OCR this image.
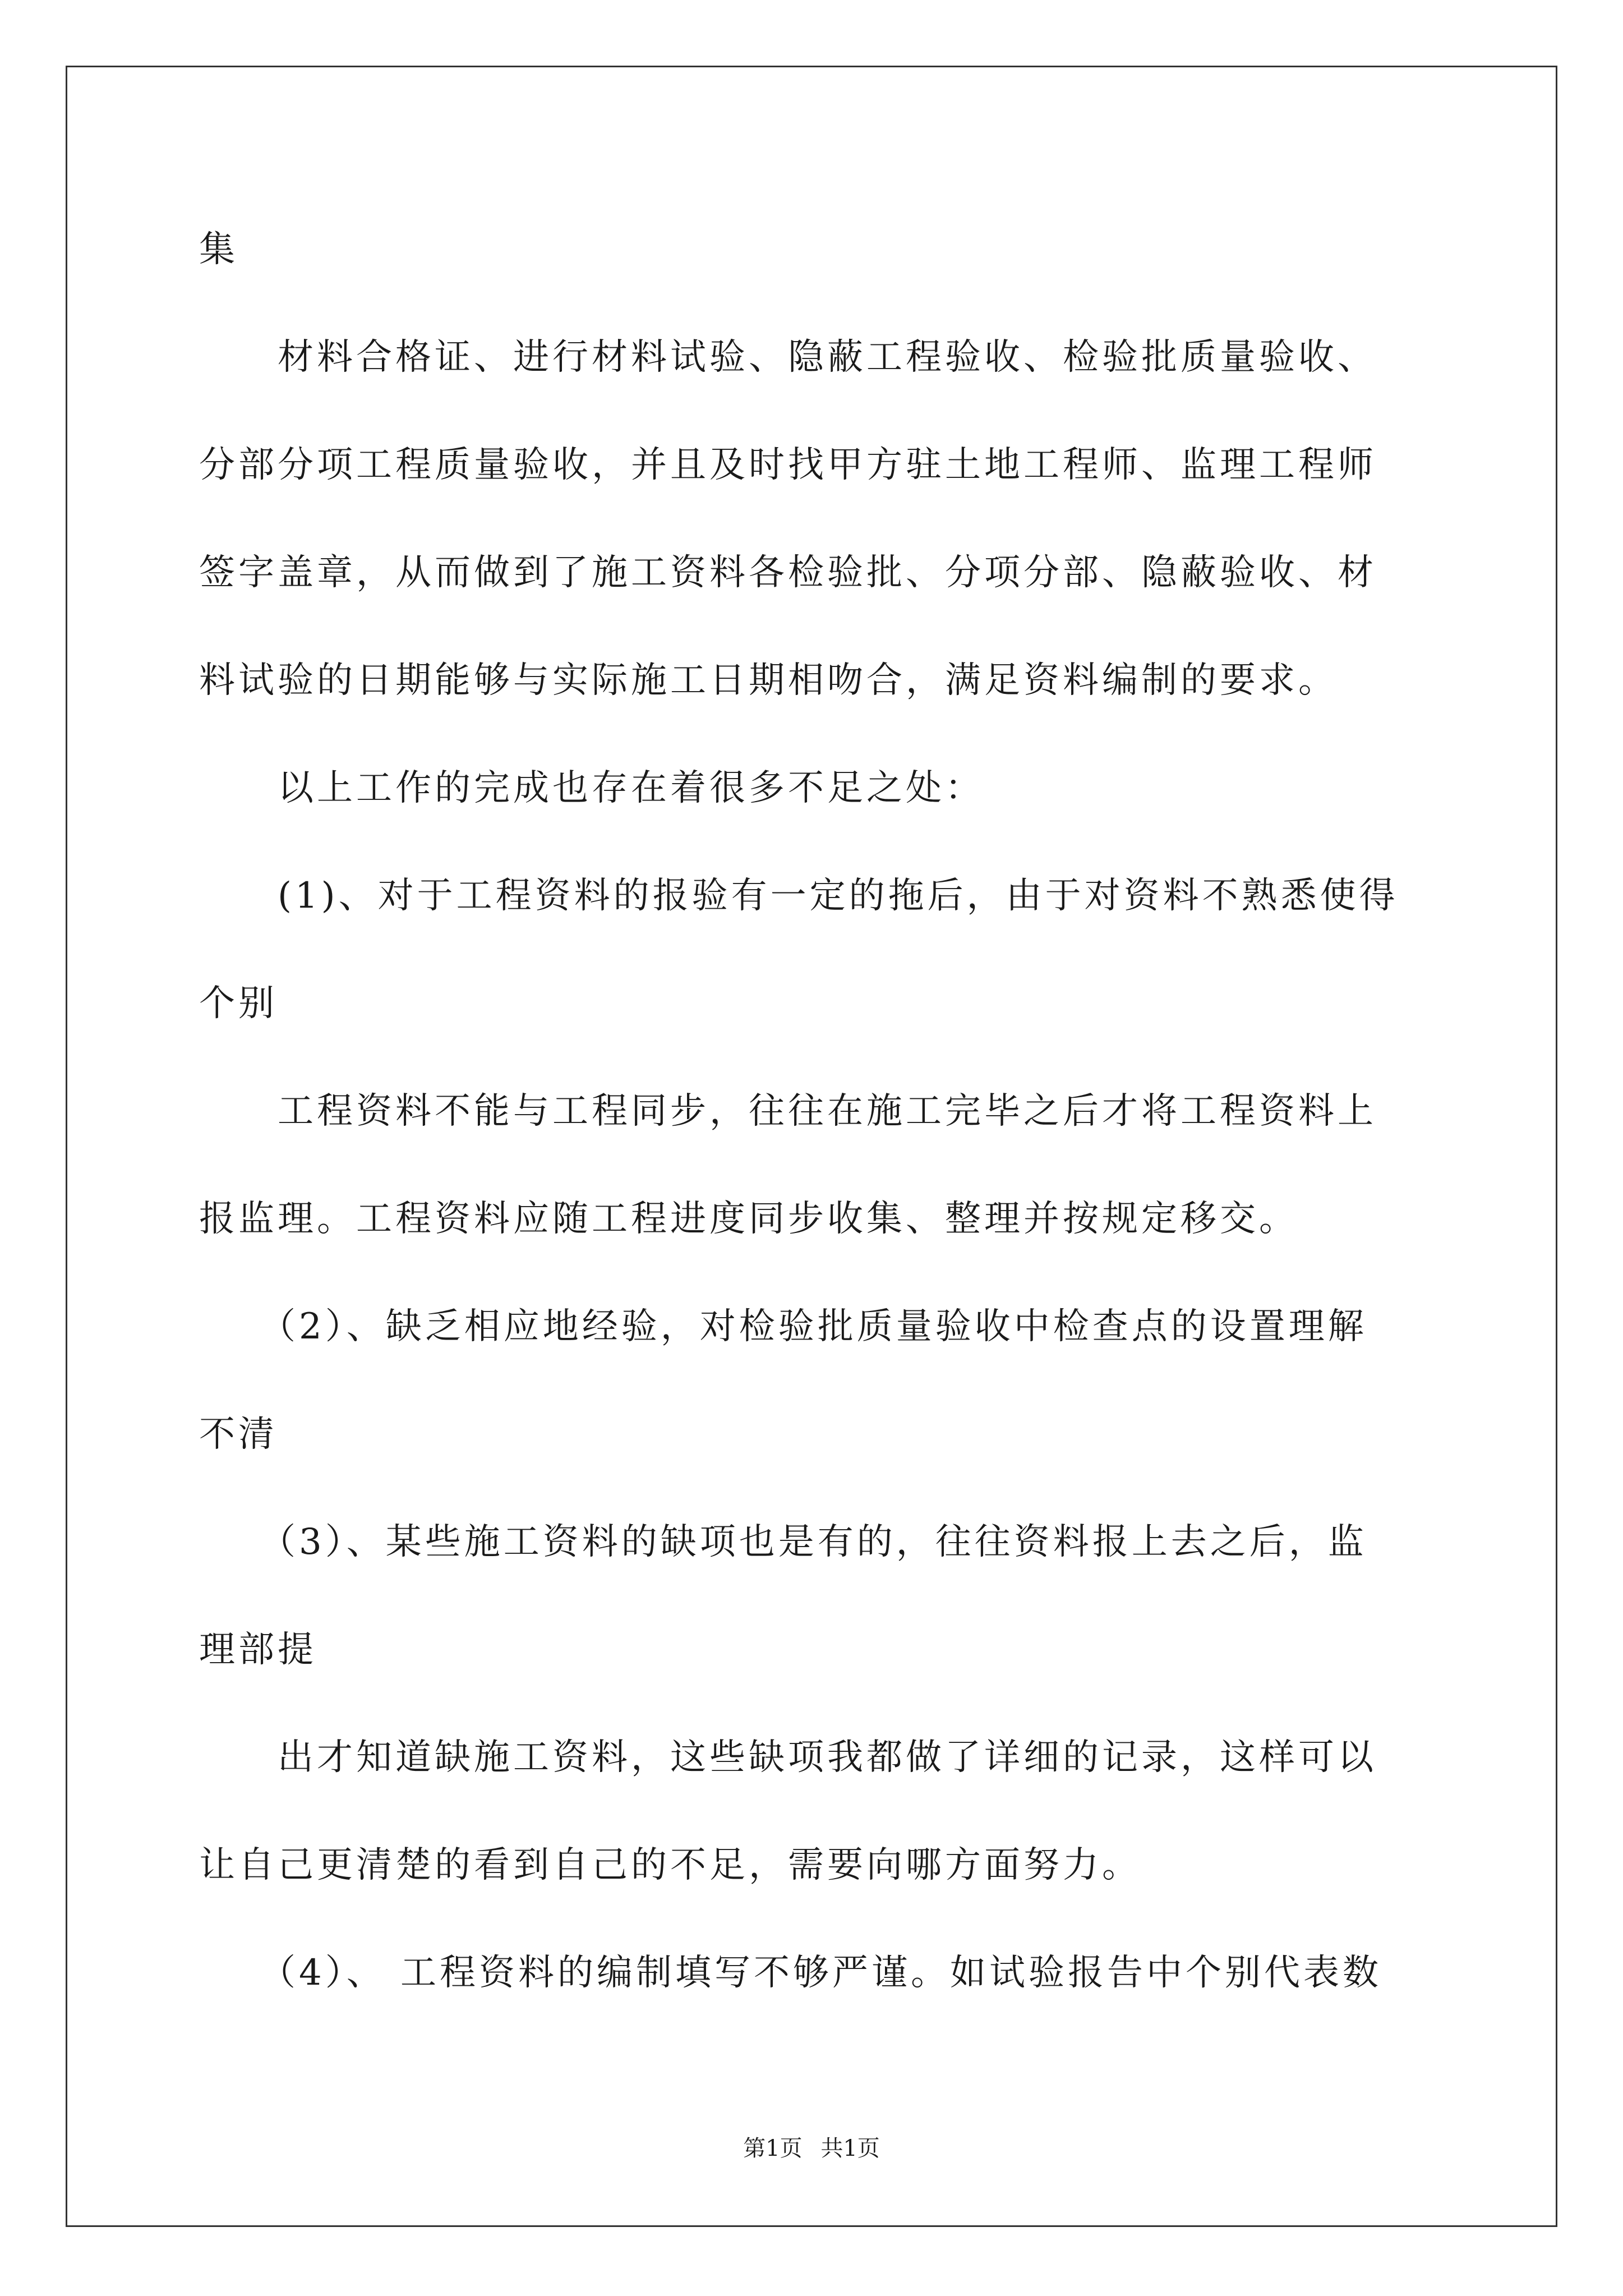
集
　　材料合格证、进行材料试验、隐蔽工程验收、检验批质量验收、
分部分项工程质量验收，并且及时找甲方驻土地工程师、监理工程师
签字盖章，从而做到了施工资料各检验批、分项分部、隐蔽验收、材
料试验的日期能够与实际施工日期相吻合，满足资料编制的要求。
　　以上工作的完成也存在着很多不足之处：
　　(1)、对于工程资料的报验有一定的拖后，由于对资料不熟悉使得
个别
　　工程资料不能与工程同步，往往在施工完毕之后才将工程资料上
报监理。工程资料应随工程进度同步收集、整理并按规定移交。
　　（2）、缺乏相应地经验，对检验批质量验收中检查点的设置理解
不清
　　（3）、某些施工资料的缺项也是有的，往往资料报上去之后，监
理部提
　　出才知道缺施工资料，这些缺项我都做了详细的记录，这样可以
让自己更清楚的看到自己的不足，需要向哪方面努力。
　　（4）、 工程资料的编制填写不够严谨。如试验报告中个别代表数
第1页 共1页
